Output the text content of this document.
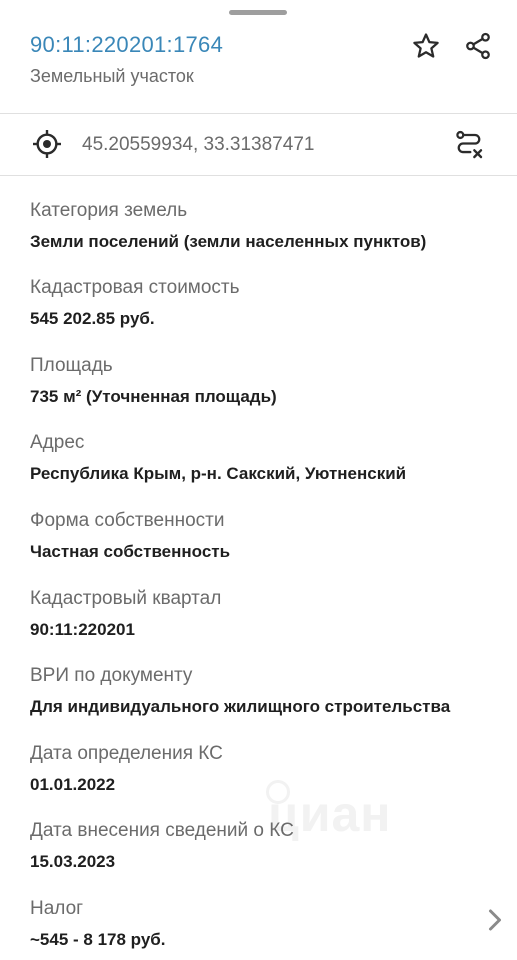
90:11:220201:1764
Земельный участок
45.20559934, 33.31387471
циан
Категория земель
Земли поселений (земли населенных пунктов)
Кадастровая стоимость
545 202.85 руб.
Площадь
735 м² (Уточненная площадь)
Адрес
Республика Крым, р-н. Сакский, Уютненский
Форма собственности
Частная собственность
Кадастровый квартал
90:11:220201
ВРИ по документу
Для индивидуального жилищного строительства
Дата определения КС
01.01.2022
Дата внесения сведений о КС
15.03.2023
Налог
~545 - 8 178 руб.
